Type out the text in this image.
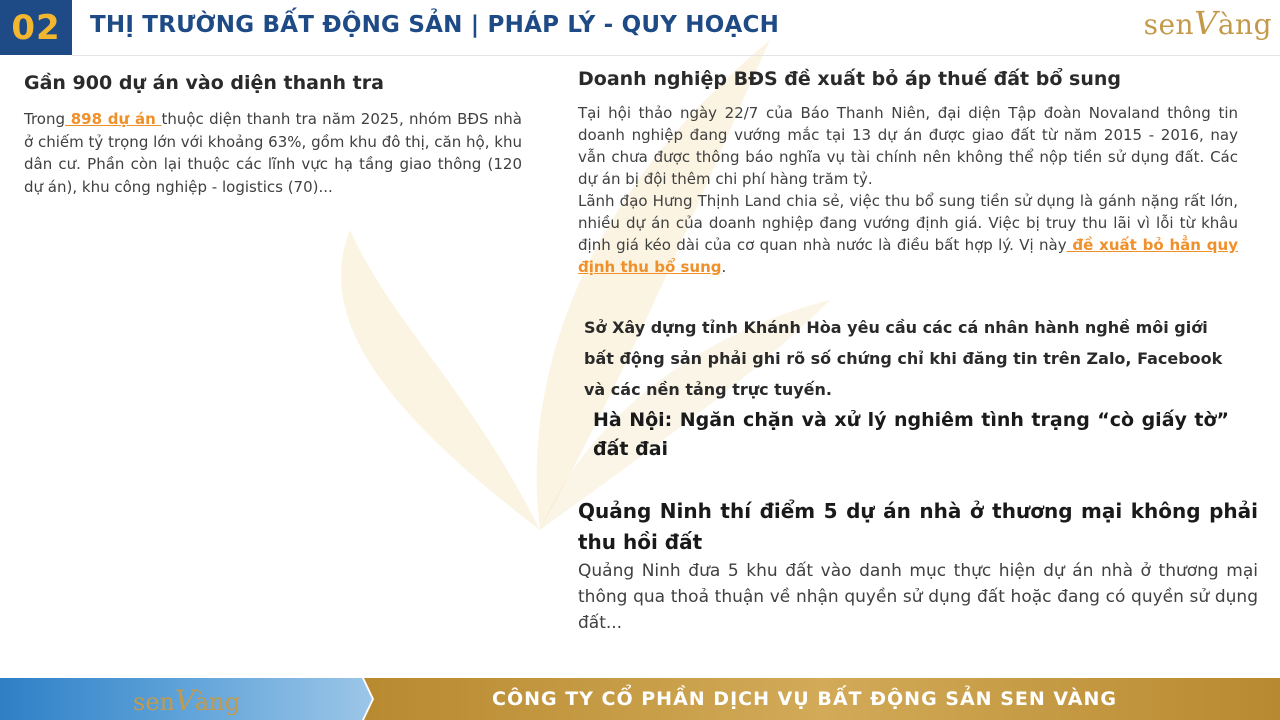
02 THỊ TRƯỜNG BẤT ĐỘNG SẢN | PHÁP LÝ - QUY HOẠCH	senVàng
Gần 900 dự án vào diện thanh tra

Trong 898 dự án thuộc diện thanh tra năm 2025, nhóm BĐS nhà ở chiếm tỷ trọng lớn với khoảng 63%, gồm khu đô thị, căn hộ, khu dân cư. Phần còn lại thuộc các lĩnh vực hạ tầng giao thông (120 dự án), khu công nghiệp - logistics (70)...

Doanh nghiệp BĐS đề xuất bỏ áp thuế đất bổ sung

Tại hội thảo ngày 22/7 của Báo Thanh Niên, đại diện Tập đoàn Novaland thông tin doanh nghiệp đang vướng mắc tại 13 dự án được giao đất từ năm 2015 - 2016, nay vẫn chưa được thông báo nghĩa vụ tài chính nên không thể nộp tiền sử dụng đất. Các dự án bị đội thêm chi phí hàng trăm tỷ.

Lãnh đạo Hưng Thịnh Land chia sẻ, việc thu bổ sung tiền sử dụng là gánh nặng rất lớn, nhiều dự án của doanh nghiệp đang vướng định giá. Việc bị truy thu lãi vì lỗi từ khâu định giá kéo dài của cơ quan nhà nước là điều bất hợp lý. Vị này đề xuất bỏ hẳn quy định thu bổ sung.

Sở Xây dựng tỉnh Khánh Hòa yêu cầu các cá nhân hành nghề môi giới bất động sản phải ghi rõ số chứng chỉ khi đăng tin trên Zalo, Facebook và các nền tảng trực tuyến.
Hà Nội: Ngăn chặn và xử lý nghiêm tình trạng “cò giấy tờ” đất đai
Quảng Ninh thí điểm 5 dự án nhà ở thương mại không phải thu hồi đất

Quảng Ninh đưa 5 khu đất vào danh mục thực hiện dự án nhà ở thương mại thông qua thoả thuận về nhận quyền sử dụng đất hoặc đang có quyền sử dụng đất...

senVàng	CÔNG TY CỔ PHẦN DỊCH VỤ BẤT ĐỘNG SẢN SEN VÀNG
